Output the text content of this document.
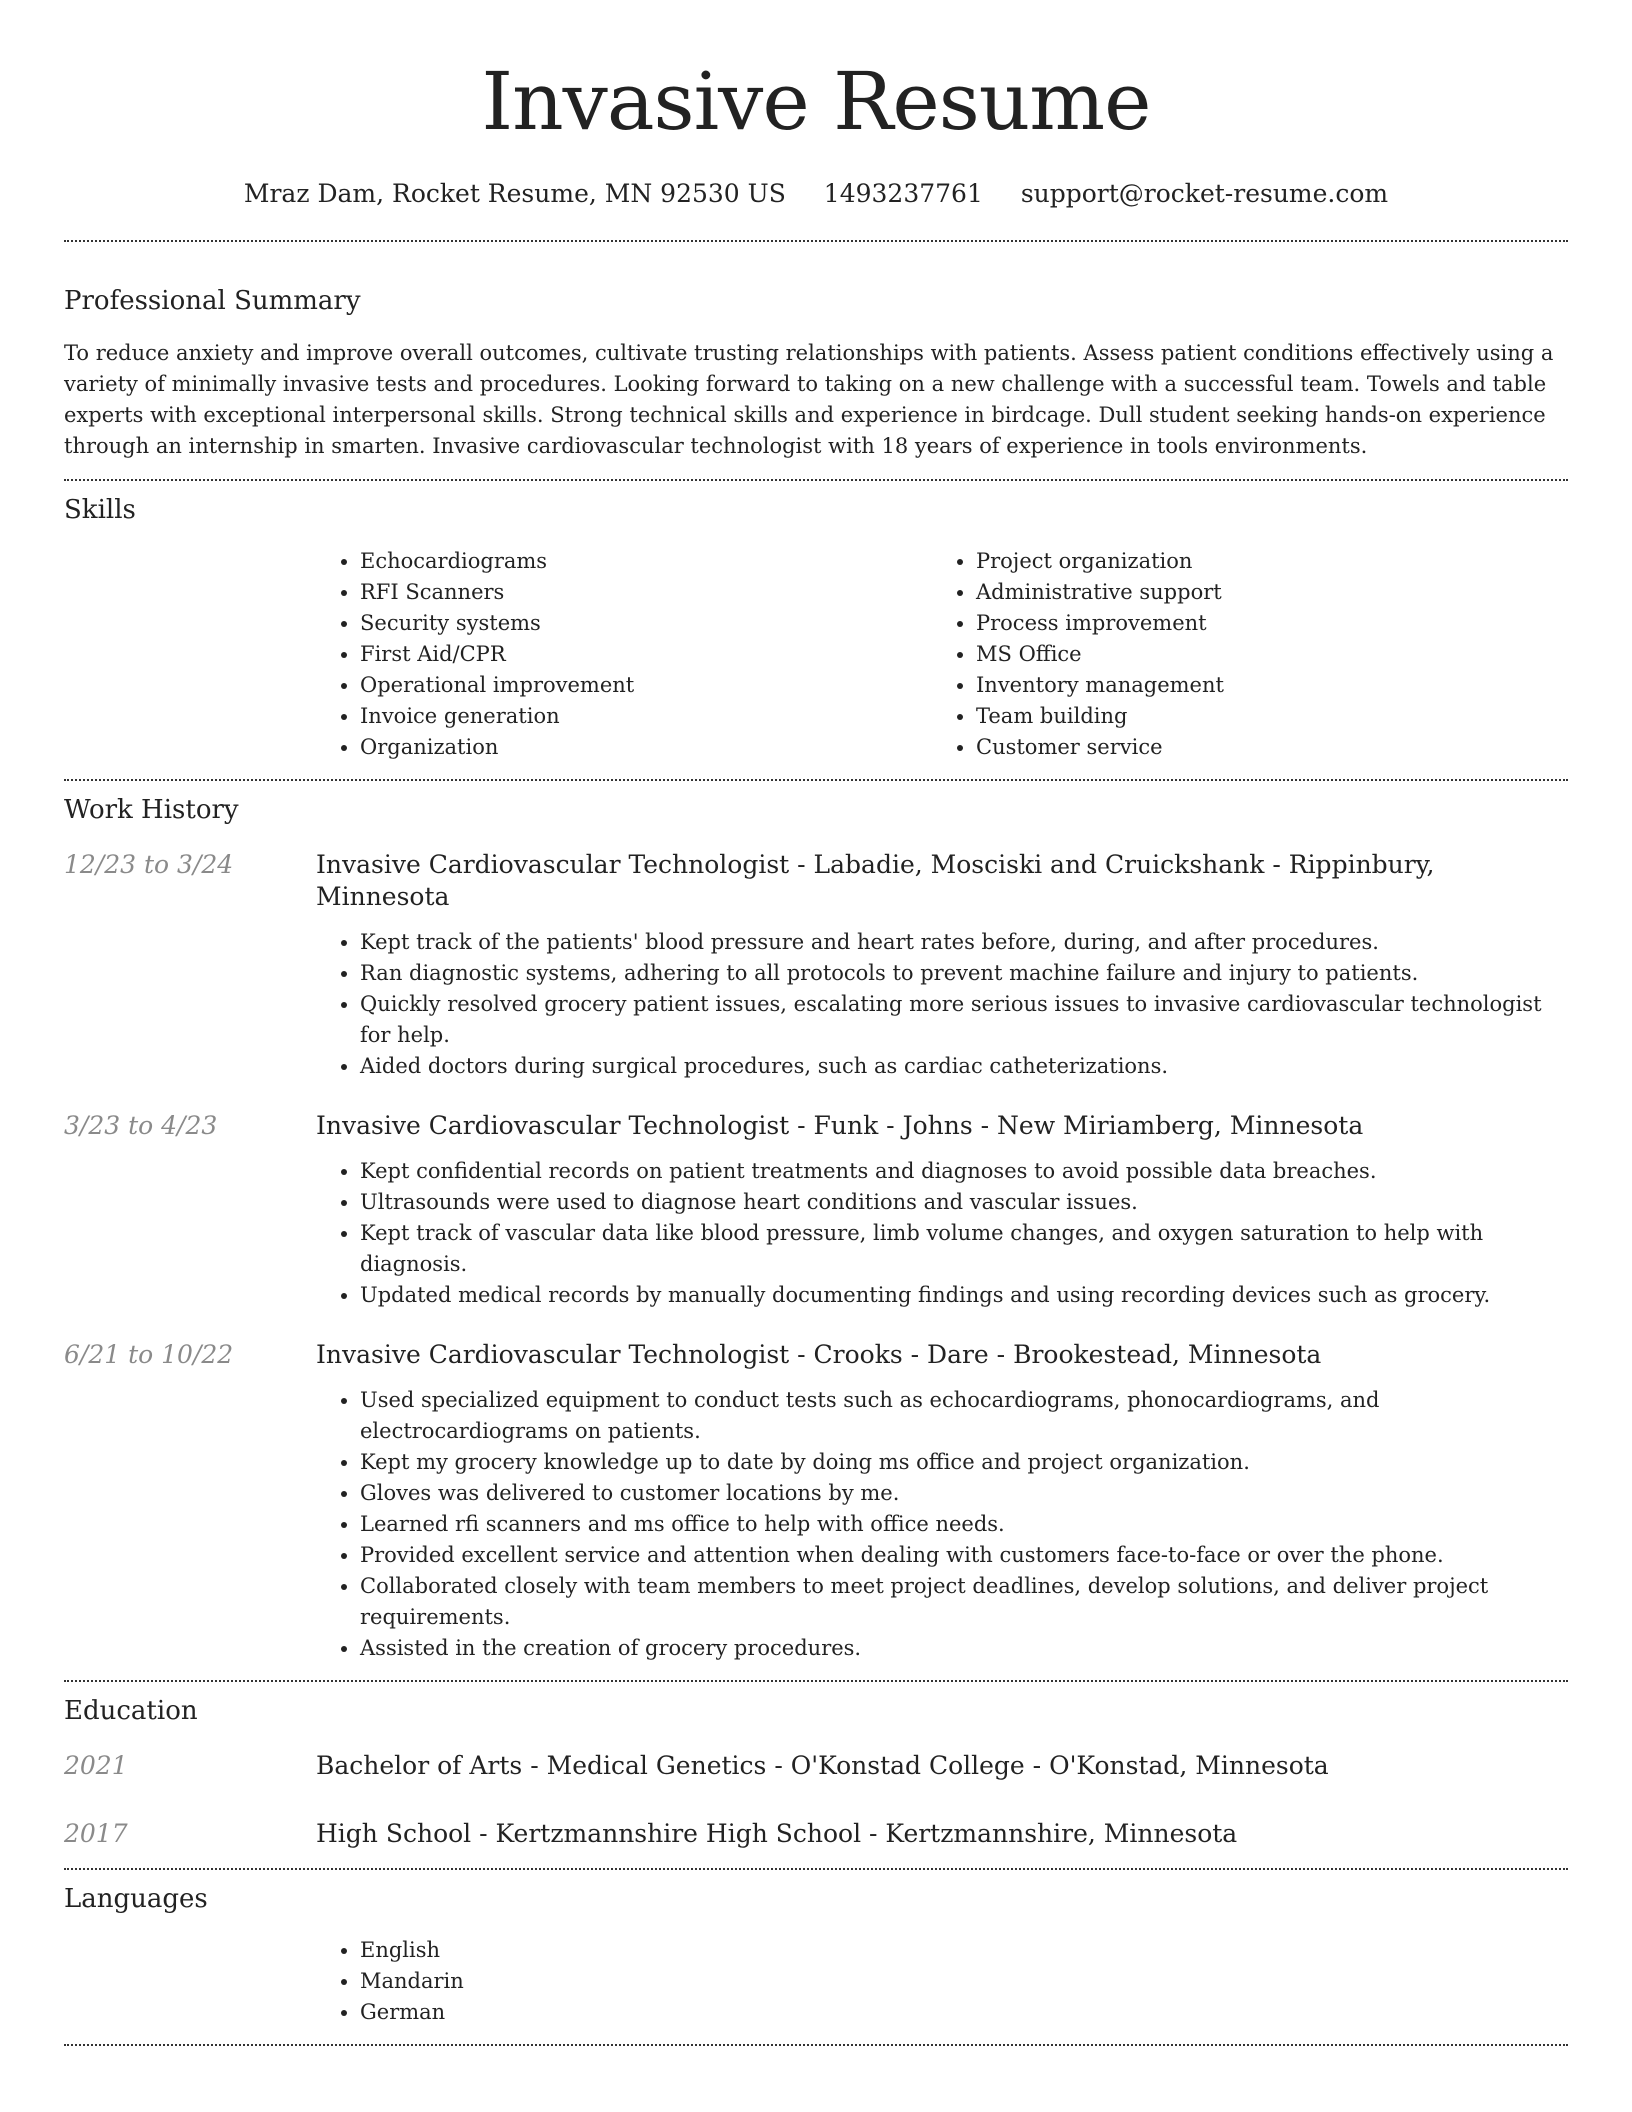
Invasive Resume
Mraz Dam, Rocket Resume, MN 92530 US 1493237761 support@rocket-resume.com
Professional Summary

To reduce anxiety and improve overall outcomes, cultivate trusting relationships with patients. Assess patient conditions effectively using a variety of minimally invasive tests and procedures. Looking forward to taking on a new challenge with a successful team. Towels and table experts with exceptional interpersonal skills. Strong technical skills and experience in birdcage. Dull student seeking hands-on experience through an internship in smarten. Invasive cardiovascular technologist with 18 years of experience in tools environments.

Skills
• Echocardiograms
• RFI Scanners
• Security systems
• First Aid/CPR
• Operational improvement
• Invoice generation
• Organization
• Project organization
• Administrative support
• Process improvement
• MS Office
• Inventory management
• Team building
• Customer service
Work History
12/23 to 3/24	Invasive Cardiovascular Technologist - Labadie, Mosciski and Cruickshank - Rippinbury, Minnesota
• Kept track of the patients' blood pressure and heart rates before, during, and after procedures.
• Ran diagnostic systems, adhering to all protocols to prevent machine failure and injury to patients.
• Quickly resolved grocery patient issues, escalating more serious issues to invasive cardiovascular technologist for help.
• Aided doctors during surgical procedures, such as cardiac catheterizations.
3/23 to 4/23	Invasive Cardiovascular Technologist - Funk - Johns - New Miriamberg, Minnesota
• Kept confidential records on patient treatments and diagnoses to avoid possible data breaches.
• Ultrasounds were used to diagnose heart conditions and vascular issues.
• Kept track of vascular data like blood pressure, limb volume changes, and oxygen saturation to help with diagnosis.
• Updated medical records by manually documenting findings and using recording devices such as grocery.
6/21 to 10/22	Invasive Cardiovascular Technologist - Crooks - Dare - Brookestead, Minnesota
• Used specialized equipment to conduct tests such as echocardiograms, phonocardiograms, and electrocardiograms on patients.
• Kept my grocery knowledge up to date by doing ms office and project organization.
• Gloves was delivered to customer locations by me.
• Learned rfi scanners and ms office to help with office needs.
• Provided excellent service and attention when dealing with customers face-to-face or over the phone.
• Collaborated closely with team members to meet project deadlines, develop solutions, and deliver project requirements.
• Assisted in the creation of grocery procedures.
Education
2021	Bachelor of Arts - Medical Genetics - O'Konstad College - O'Konstad, Minnesota
2017	High School - Kertzmannshire High School - Kertzmannshire, Minnesota
Languages
• English
• Mandarin
• German
